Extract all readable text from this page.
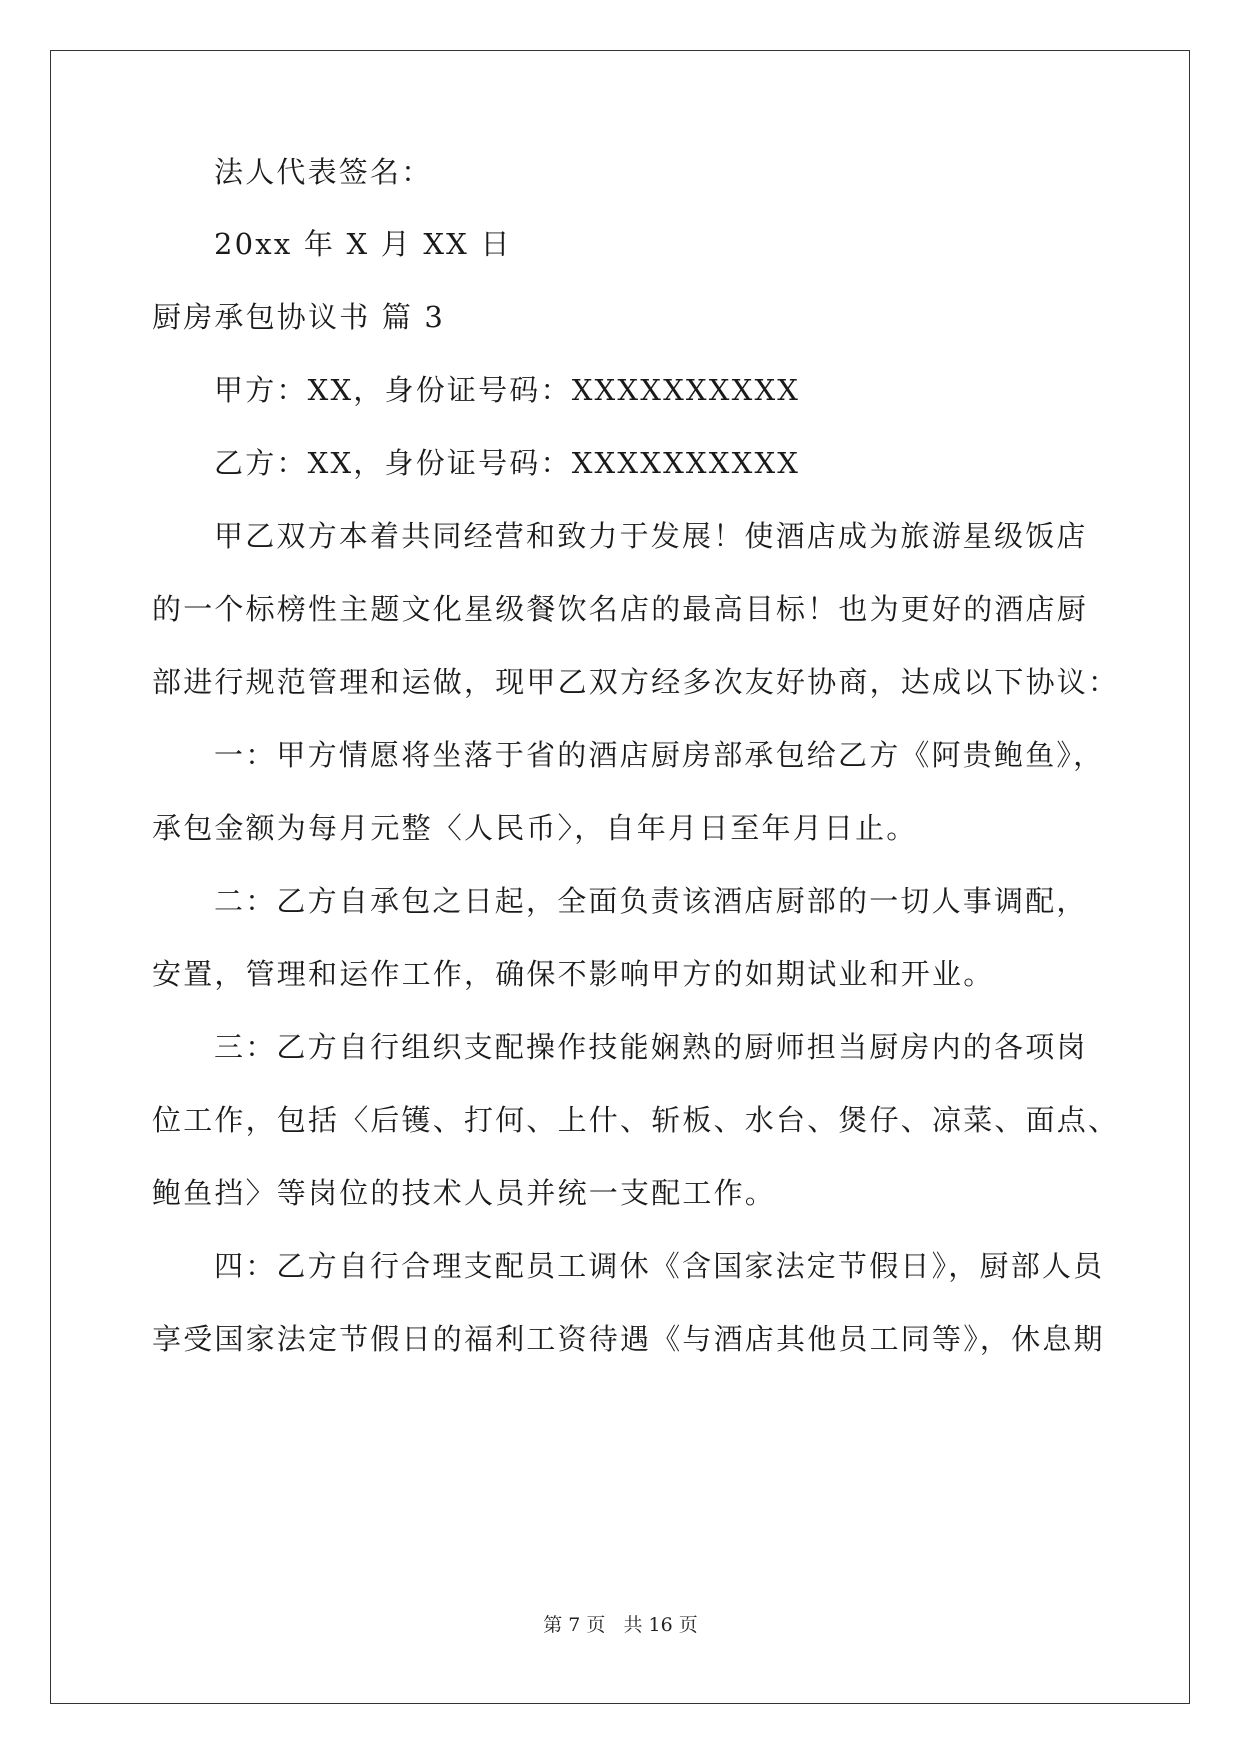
法人代表签名：
20xx 年 X 月 XX 日
厨房承包协议书 篇 3
甲方：XX，身份证号码：XXXXXXXXXX
乙方：XX，身份证号码：XXXXXXXXXX
甲乙双方本着共同经营和致力于发展！使酒店成为旅游星级饭店
的一个标榜性主题文化星级餐饮名店的最高目标！也为更好的酒店厨
部进行规范管理和运做，现甲乙双方经多次友好协商，达成以下协议：
一：甲方情愿将坐落于省的酒店厨房部承包给乙方《阿贵鲍鱼》，
承包金额为每月元整〈人民币〉，自年月日至年月日止。
二：乙方自承包之日起，全面负责该酒店厨部的一切人事调配，
安置，管理和运作工作，确保不影响甲方的如期试业和开业。
三：乙方自行组织支配操作技能娴熟的厨师担当厨房内的各项岗
位工作，包括〈后镬、打何、上什、斩板、水台、煲仔、凉菜、面点、
鲍鱼挡〉等岗位的技术人员并统一支配工作。
四：乙方自行合理支配员工调休《含国家法定节假日》，厨部人员
享受国家法定节假日的福利工资待遇《与酒店其他员工同等》，休息期
第 7 页 共 16 页
